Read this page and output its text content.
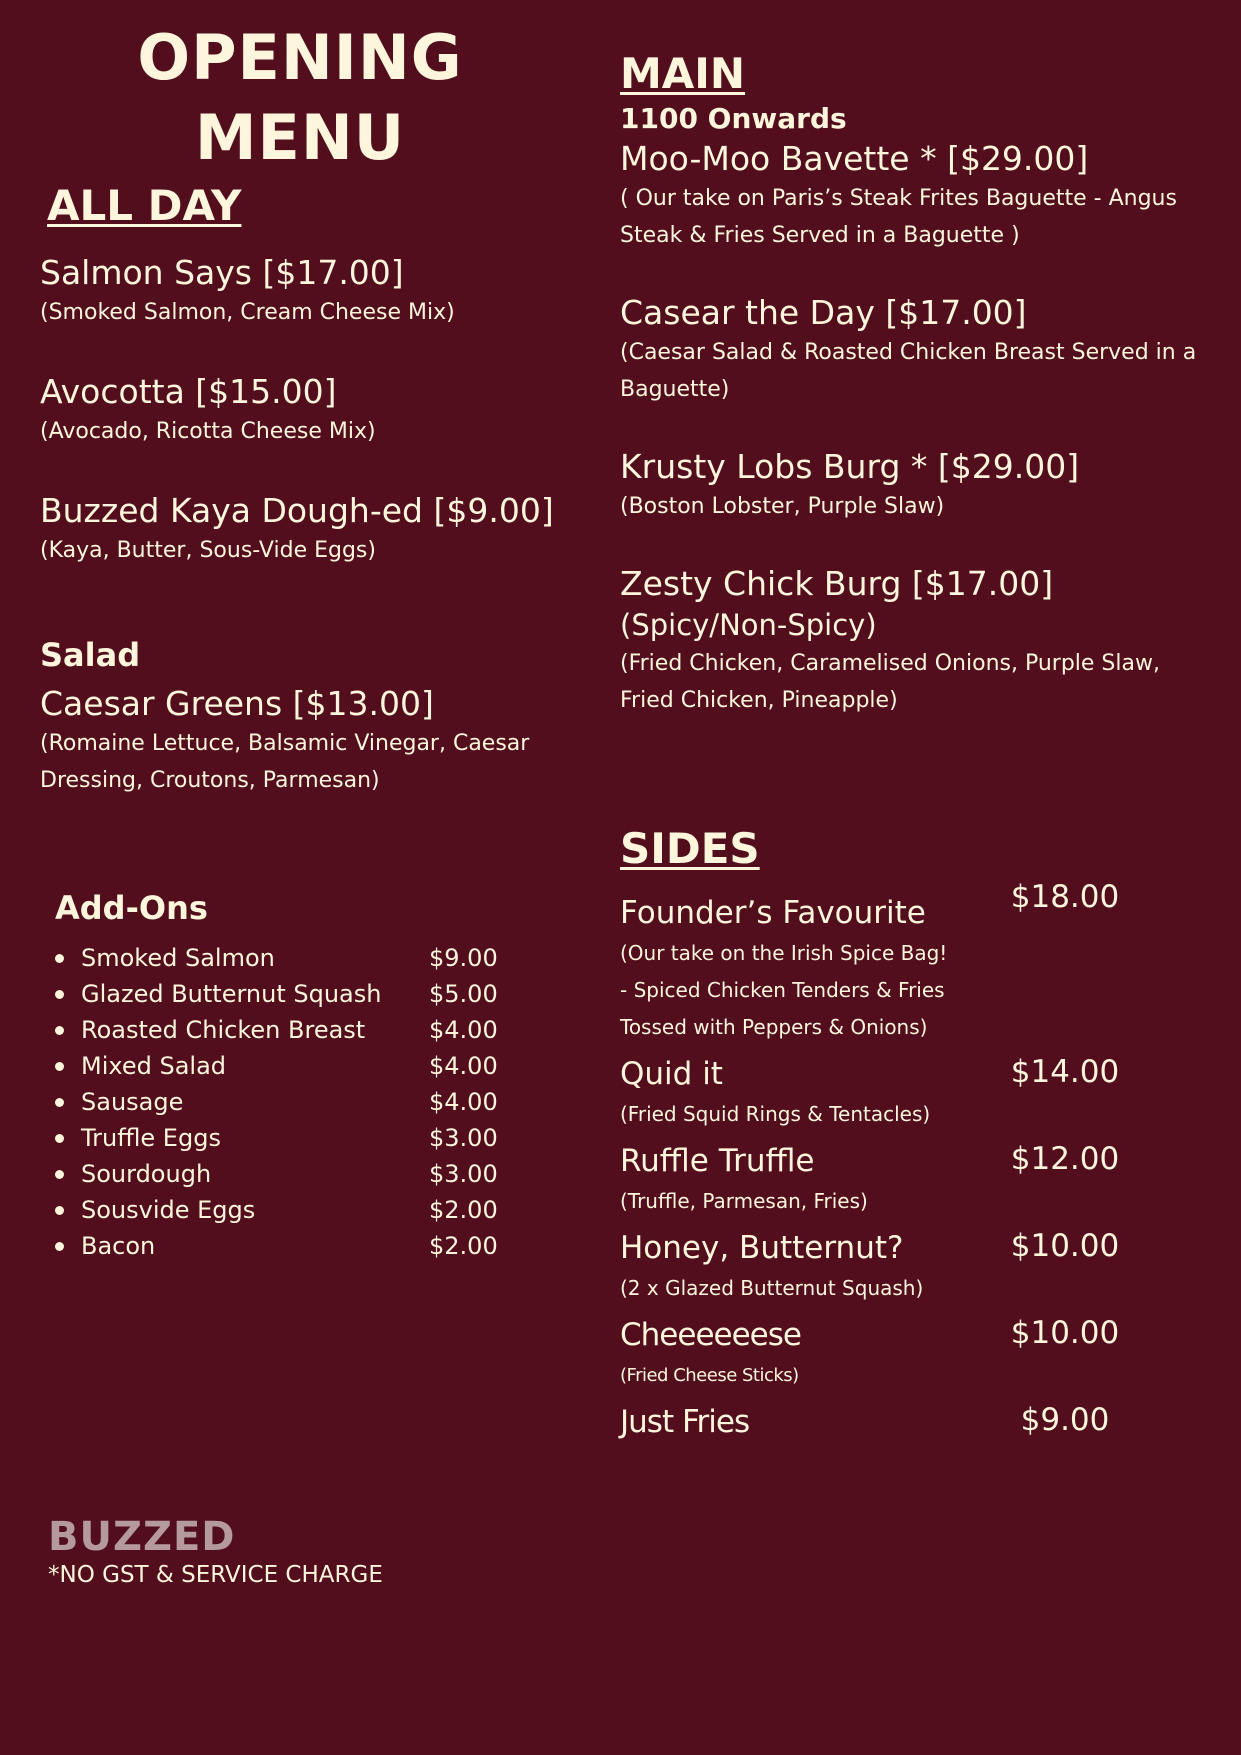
OPENING
MENU
ALL DAY

Salmon Says [$17.00]

(Smoked Salmon, Cream Cheese Mix)

Avocotta [$15.00]

(Avocado, Ricotta Cheese Mix)

Buzzed Kaya Dough-ed [$9.00]

(Kaya, Butter, Sous-Vide Eggs)

Salad

Caesar Greens [$13.00]

(Romaine Lettuce, Balsamic Vinegar, Caesar Dressing, Croutons, Parmesan)

Add-Ons
Smoked Salmon	$9.00
Glazed Butternut Squash $5.00
Roasted Chicken Breast	$4.00
Mixed Salad	$4.00
Sausage	$4.00
Truffle Eggs	$3.00
Sourdough	$3.00
Sousvide Eggs	$2.00
Bacon	$2.00

BUZZED

*NO GST & SERVICE CHARGE

MAIN

1100 Onwards

Moo-Moo Bavette * [$29.00]

( Our take on Paris’s Steak Frites Baguette - Angus Steak & Fries Served in a Baguette )

Casear the Day [$17.00]

(Caesar Salad & Roasted Chicken Breast Served in a Baguette)

Krusty Lobs Burg * [$29.00]

(Boston Lobster, Purple Slaw)

Zesty Chick Burg [$17.00]

(Spicy/Non-Spicy)

(Fried Chicken, Caramelised Onions, Purple Slaw, Fried Chicken, Pineapple)

SIDES
Founder’s Favourite	$18.00

(Our take on the Irish Spice Bag! - Spiced Chicken Tenders & Fries Tossed with Peppers & Onions)

Quid it	$14.00

(Fried Squid Rings & Tentacles)

Ruffle Truffle	$12.00

(Truffle, Parmesan, Fries)

Honey, Butternut?	$10.00

(2 x Glazed Butternut Squash)

Cheeeeeese	$10.00

(Fried Cheese Sticks)

Just Fries	$9.00
